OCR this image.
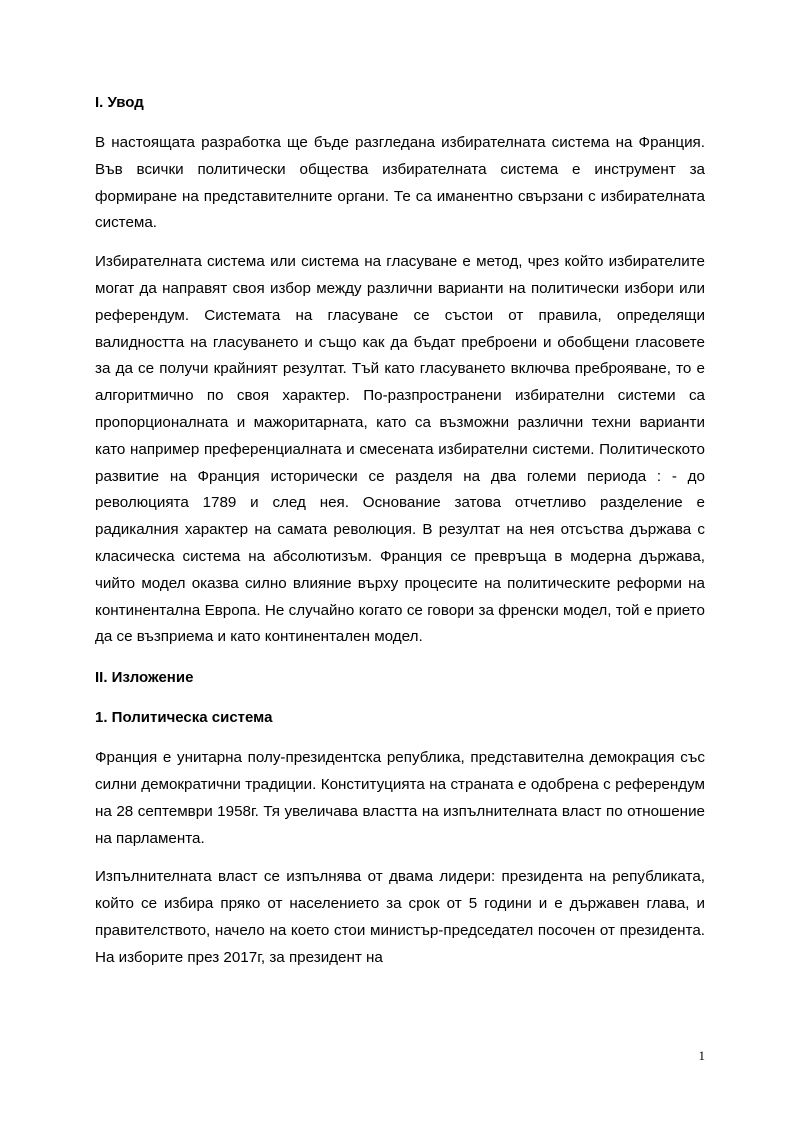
I. Увод

В настоящата разработка ще бъде разгледана избирателната система на Франция. Във всички политически общества избирателната система е инструмент за формиране на представителните органи. Те са иманентно свързани с избирателната система.

Избирателната система или система на гласуване е метод, чрез който избирателите могат да направят своя избор между различни варианти на политически избори или референдум. Системата на гласуване се състои от правила, определящи валидността на гласуването и също как да бъдат преброени и обобщени гласовете за да се получи крайният резултат. Тъй като гласуването включва преброяване, то е алгоритмично по своя характер. По-разпространени избирателни системи са пропорционалната и мажоритарната, като са възможни различни техни варианти като например преференциалната и смесената избирателни системи. Политическото развитие на Франция исторически се разделя на два големи периода : - до революцията 1789 и след нея. Основание затова отчетливо разделение е радикалния характер на самата революция. В резултат на нея отсъства държава с класическа система на абсолютизъм. Франция се превръща в модерна държава, чийто модел оказва силно влияние върху процесите на политическите реформи на континентална Европа. Не случайно когато се говори за френски модел, той е прието да се възприема и като континентален модел.

II. Изложение

1. Политическа система

Франция е унитарна полу-президентска република, представителна демокрация със силни демократични традиции. Конституцията на страната е одобрена с референдум на 28 септември 1958г. Тя увеличава властта на изпълнителната власт по отношение на парламента.

Изпълнителната власт се изпълнява от двама лидери: президента на републиката, който се избира пряко от населението за срок от 5 години и е държавен глава, и правителството, начело на което стои министър-председател посочен от президента. На изборите през 2017г, за президент на

1
